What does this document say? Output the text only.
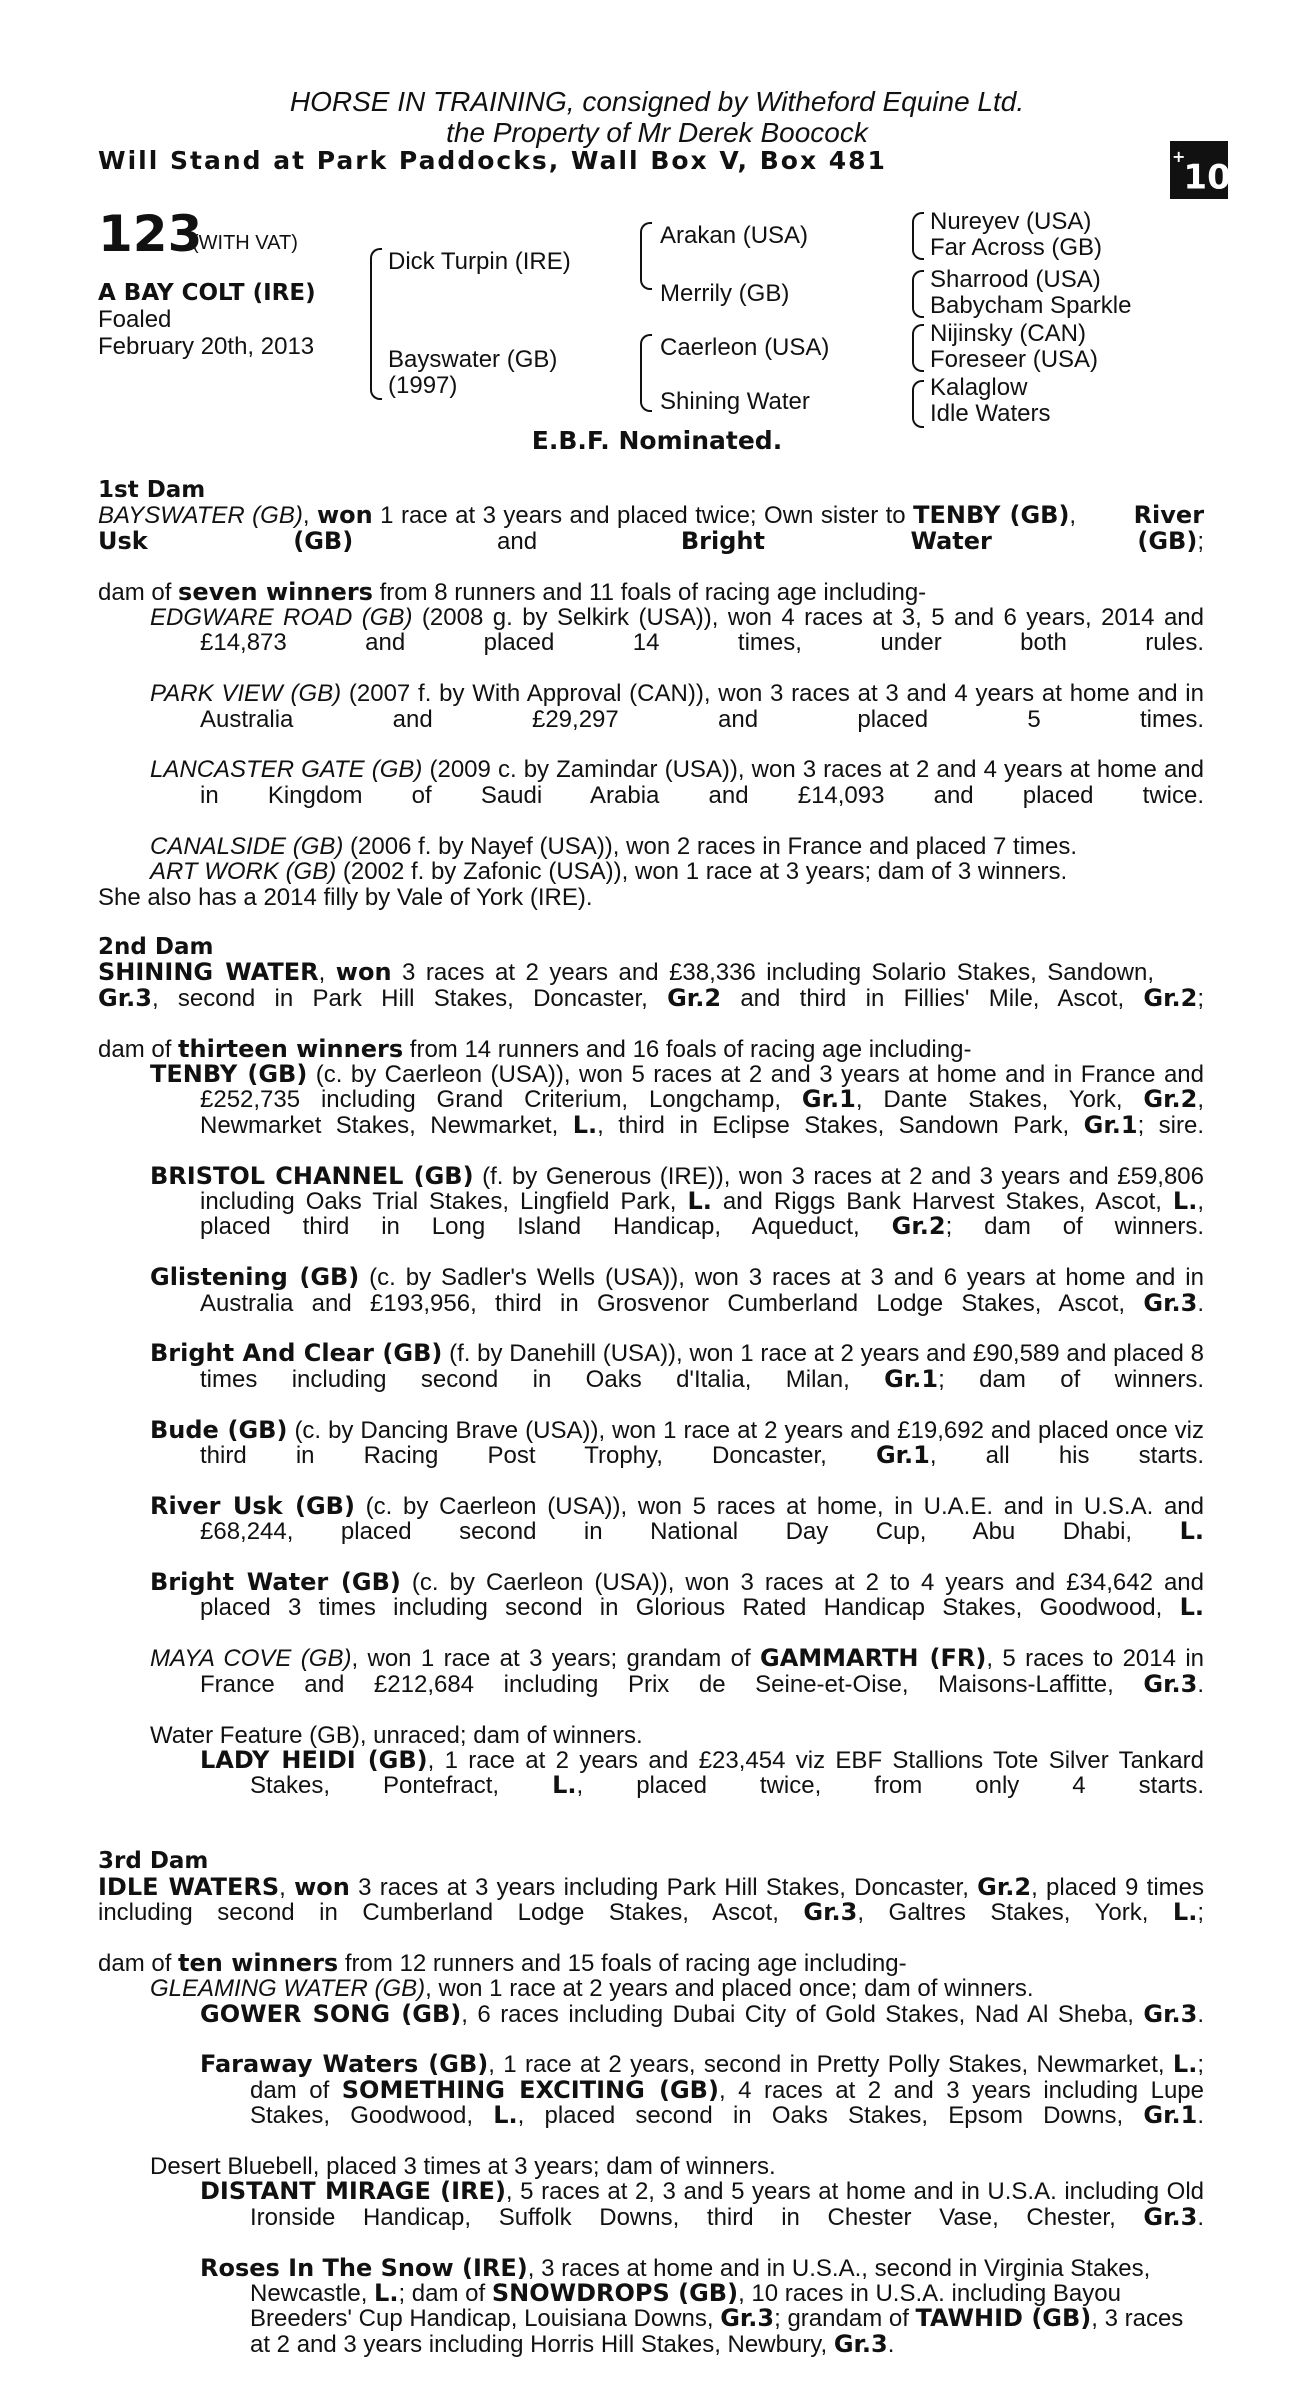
HORSE IN TRAINING, consigned by Witheford Equine Ltd.
the Property of Mr Derek Boocock
Will Stand at Park Paddocks, Wall Box V, Box 481	+10
123
(WITH VAT)
A BAY COLT (IRE)
Foaled
February 20th, 2013
Dick Turpin (IRE)
Bayswater (GB)
(1997)
Arakan (USA)
Merrily (GB)
Caerleon (USA)
Shining Water
Nureyev (USA)
Far Across (GB)
Sharrood (USA)
Babycham Sparkle
Nijinsky (CAN)
Foreseer (USA)
Kalaglow
Idle Waters
E.B.F. Nominated.
1st Dam
BAYSWATER (GB), won 1 race at 3 years and placed twice; Own sister to TENBY (GB), River Usk (GB) and Bright Water (GB);
dam of seven winners from 8 runners and 11 foals of racing age including-
EDGWARE ROAD (GB) (2008 g. by Selkirk (USA)), won 4 races at 3, 5 and 6 years, 2014 and £14,873 and placed 14 times, under both rules.
PARK VIEW (GB) (2007 f. by With Approval (CAN)), won 3 races at 3 and 4 years at home and in Australia and £29,297 and placed 5 times.
LANCASTER GATE (GB) (2009 c. by Zamindar (USA)), won 3 races at 2 and 4 years at home and in Kingdom of Saudi Arabia and £14,093 and placed twice.
CANALSIDE (GB) (2006 f. by Nayef (USA)), won 2 races in France and placed 7 times.
ART WORK (GB) (2002 f. by Zafonic (USA)), won 1 race at 3 years; dam of 3 winners.
She also has a 2014 filly by Vale of York (IRE).
2nd Dam
SHINING WATER, won 3 races at 2 years and £38,336 including Solario Stakes, Sandown, Gr.3, second in Park Hill Stakes, Doncaster, Gr.2 and third in Fillies' Mile, Ascot, Gr.2;
dam of thirteen winners from 14 runners and 16 foals of racing age including-
TENBY (GB) (c. by Caerleon (USA)), won 5 races at 2 and 3 years at home and in France and £252,735 including Grand Criterium, Longchamp, Gr.1, Dante Stakes, York, Gr.2, Newmarket Stakes, Newmarket, L., third in Eclipse Stakes, Sandown Park, Gr.1; sire.
BRISTOL CHANNEL (GB) (f. by Generous (IRE)), won 3 races at 2 and 3 years and £59,806 including Oaks Trial Stakes, Lingfield Park, L. and Riggs Bank Harvest Stakes, Ascot, L., placed third in Long Island Handicap, Aqueduct, Gr.2; dam of winners.
Glistening (GB) (c. by Sadler's Wells (USA)), won 3 races at 3 and 6 years at home and in Australia and £193,956, third in Grosvenor Cumberland Lodge Stakes, Ascot, Gr.3.
Bright And Clear (GB) (f. by Danehill (USA)), won 1 race at 2 years and £90,589 and placed 8 times including second in Oaks d'Italia, Milan, Gr.1; dam of winners.
Bude (GB) (c. by Dancing Brave (USA)), won 1 race at 2 years and £19,692 and placed once viz third in Racing Post Trophy, Doncaster, Gr.1, all his starts.
River Usk (GB) (c. by Caerleon (USA)), won 5 races at home, in U.A.E. and in U.S.A. and £68,244, placed second in National Day Cup, Abu Dhabi, L.
Bright Water (GB) (c. by Caerleon (USA)), won 3 races at 2 to 4 years and £34,642 and placed 3 times including second in Glorious Rated Handicap Stakes, Goodwood, L.
MAYA COVE (GB), won 1 race at 3 years; grandam of GAMMARTH (FR), 5 races to 2014 in France and £212,684 including Prix de Seine-et-Oise, Maisons-Laffitte, Gr.3.
Water Feature (GB), unraced; dam of winners.
LADY HEIDI (GB), 1 race at 2 years and £23,454 viz EBF Stallions Tote Silver Tankard Stakes, Pontefract, L., placed twice, from only 4 starts.
3rd Dam
IDLE WATERS, won 3 races at 3 years including Park Hill Stakes, Doncaster, Gr.2, placed 9 times including second in Cumberland Lodge Stakes, Ascot, Gr.3, Galtres Stakes, York, L.;
dam of ten winners from 12 runners and 15 foals of racing age including-
GLEAMING WATER (GB), won 1 race at 2 years and placed once; dam of winners.
GOWER SONG (GB), 6 races including Dubai City of Gold Stakes, Nad Al Sheba, Gr.3.
Faraway Waters (GB), 1 race at 2 years, second in Pretty Polly Stakes, Newmarket, L.; dam of SOMETHING EXCITING (GB), 4 races at 2 and 3 years including Lupe Stakes, Goodwood, L., placed second in Oaks Stakes, Epsom Downs, Gr.1.
Desert Bluebell, placed 3 times at 3 years; dam of winners.
DISTANT MIRAGE (IRE), 5 races at 2, 3 and 5 years at home and in U.S.A. including Old Ironside Handicap, Suffolk Downs, third in Chester Vase, Chester, Gr.3.
Roses In The Snow (IRE), 3 races at home and in U.S.A., second in Virginia Stakes, Newcastle, L.; dam of SNOWDROPS (GB), 10 races in U.S.A. including Bayou Breeders' Cup Handicap, Louisiana Downs, Gr.3; grandam of TAWHID (GB), 3 races at 2 and 3 years including Horris Hill Stakes, Newbury, Gr.3.
